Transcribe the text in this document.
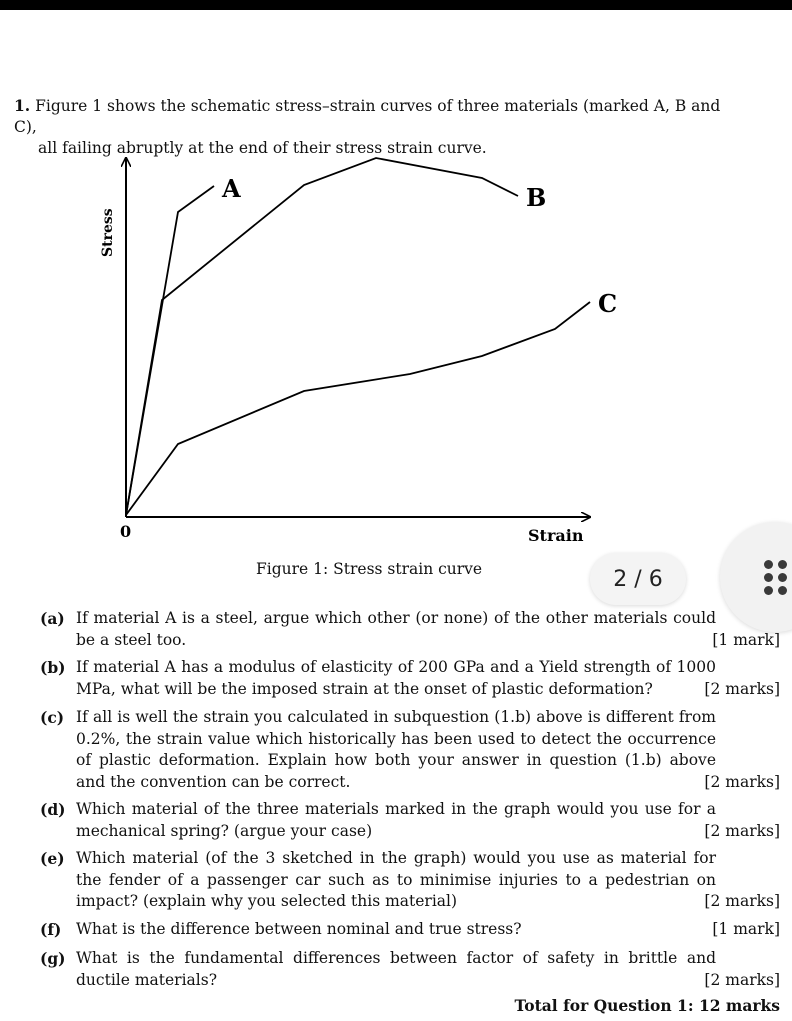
1. Figure 1 shows the schematic stress–strain curves of three materials (marked A, B and C),
all failing abruptly at the end of their stress strain curve.
A	B
C
Stress
0	Strain
Figure 1: Stress strain curve	2 / 6
(a) If material A is a steel, argue which other (or none) of the other materials could be a steel too.	[1 mark]
(b) If material A has a modulus of elasticity of 200 GPa and a Yield strength of 1000 MPa, what will be the imposed strain at the onset of plastic deformation?	[2 marks]
(c) If all is well the strain you calculated in subquestion (1.b) above is different from 0.2%, the strain value which historically has been used to detect the occurrence of plastic deformation. Explain how both your answer in question (1.b) above and the convention can be correct.	[2 marks]
(d) Which material of the three materials marked in the graph would you use for a mechanical spring? (argue your case)	[2 marks]
(e) Which material (of the 3 sketched in the graph) would you use as material for the fender of a passenger car such as to minimise injuries to a pedestrian on impact? (explain why you selected this material)	[2 marks]
(f) What is the difference between nominal and true stress?	[1 mark]
(g) What is the fundamental differences between factor of safety in brittle and ductile materials?	[2 marks]
Total for Question 1: 12 marks
